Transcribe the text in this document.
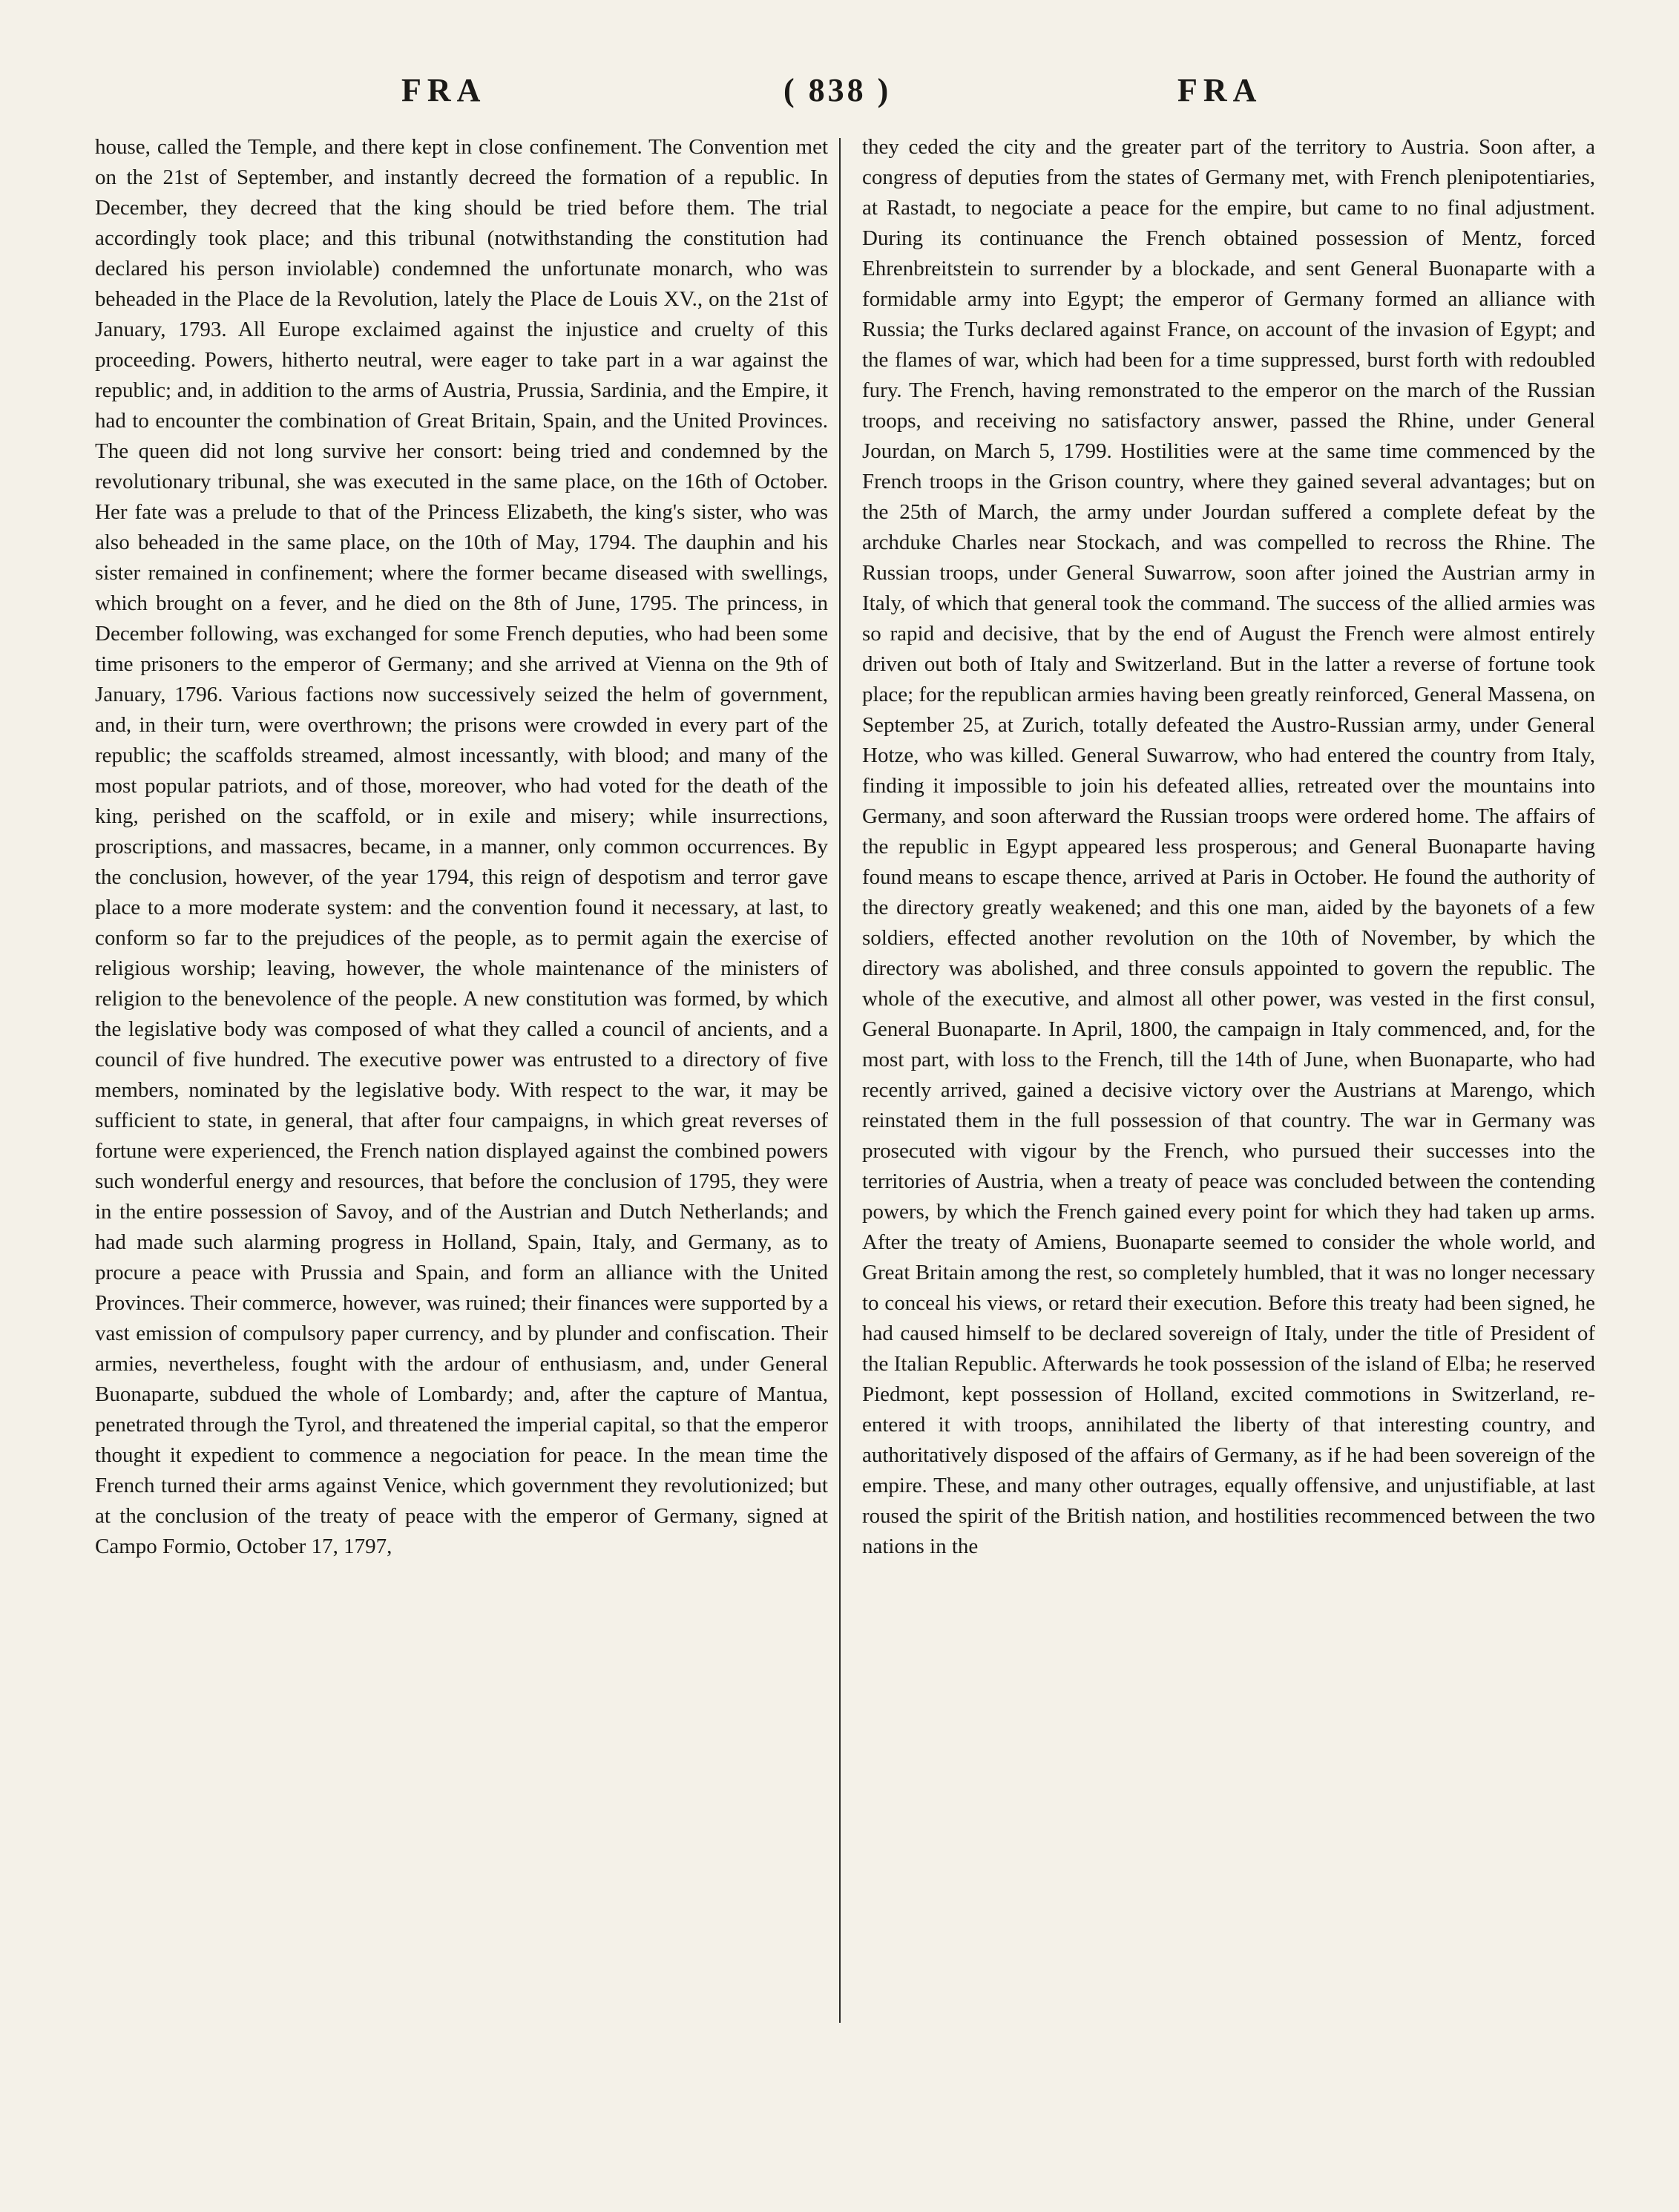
FRA	( 838 )	FRA
house, called the Temple, and there kept in close confinement. The Convention met on the 21st of September, and instantly decreed the formation of a republic. In December, they decreed that the king should be tried before them. The trial accordingly took place; and this tribunal (notwithstanding the constitution had declared his person inviolable) condemned the unfortunate monarch, who was beheaded in the Place de la Revolution, lately the Place de Louis XV., on the 21st of January, 1793. All Europe exclaimed against the injustice and cruelty of this proceeding. Powers, hitherto neutral, were eager to take part in a war against the republic; and, in addition to the arms of Austria, Prussia, Sardinia, and the Empire, it had to encounter the combination of Great Britain, Spain, and the United Provinces. The queen did not long survive her consort: being tried and condemned by the revolutionary tribunal, she was executed in the same place, on the 16th of October. Her fate was a prelude to that of the Princess Elizabeth, the king's sister, who was also beheaded in the same place, on the 10th of May, 1794. The dauphin and his sister remained in confinement; where the former became diseased with swellings, which brought on a fever, and he died on the 8th of June, 1795. The princess, in December following, was exchanged for some French deputies, who had been some time prisoners to the emperor of Germany; and she arrived at Vienna on the 9th of January, 1796. Various factions now successively seized the helm of government, and, in their turn, were overthrown; the prisons were crowded in every part of the republic; the scaffolds streamed, almost incessantly, with blood; and many of the most popular patriots, and of those, moreover, who had voted for the death of the king, perished on the scaffold, or in exile and misery; while insurrections, proscriptions, and massacres, became, in a manner, only common occurrences. By the conclusion, however, of the year 1794, this reign of despotism and terror gave place to a more moderate system: and the convention found it necessary, at last, to conform so far to the prejudices of the people, as to permit again the exercise of religious worship; leaving, however, the whole maintenance of the ministers of religion to the benevolence of the people. A new constitution was formed, by which the legislative body was composed of what they called a council of ancients, and a council of five hundred. The executive power was entrusted to a directory of five members, nominated by the legislative body. With respect to the war, it may be sufficient to state, in general, that after four campaigns, in which great reverses of fortune were experienced, the French nation displayed against the combined powers such wonderful energy and resources, that before the conclusion of 1795, they were in the entire possession of Savoy, and of the Austrian and Dutch Netherlands; and had made such alarming progress in Holland, Spain, Italy, and Germany, as to procure a peace with Prussia and Spain, and form an alliance with the United Provinces. Their commerce, however, was ruined; their finances were supported by a vast emission of compulsory paper currency, and by plunder and confiscation. Their armies, nevertheless, fought with the ardour of enthusiasm, and, under General Buonaparte, subdued the whole of Lombardy; and, after the capture of Mantua, penetrated through the Tyrol, and threatened the imperial capital, so that the emperor thought it expedient to commence a negociation for peace. In the mean time the French turned their arms against Venice, which government they revolutionized; but at the conclusion of the treaty of peace with the emperor of Germany, signed at Campo Formio, October 17, 1797,
they ceded the city and the greater part of the territory to Austria. Soon after, a congress of deputies from the states of Germany met, with French plenipotentiaries, at Rastadt, to negociate a peace for the empire, but came to no final adjustment. During its continuance the French obtained possession of Mentz, forced Ehrenbreitstein to surrender by a blockade, and sent General Buonaparte with a formidable army into Egypt; the emperor of Germany formed an alliance with Russia; the Turks declared against France, on account of the invasion of Egypt; and the flames of war, which had been for a time suppressed, burst forth with redoubled fury. The French, having remonstrated to the emperor on the march of the Russian troops, and receiving no satisfactory answer, passed the Rhine, under General Jourdan, on March 5, 1799. Hostilities were at the same time commenced by the French troops in the Grison country, where they gained several advantages; but on the 25th of March, the army under Jourdan suffered a complete defeat by the archduke Charles near Stockach, and was compelled to recross the Rhine. The Russian troops, under General Suwarrow, soon after joined the Austrian army in Italy, of which that general took the command. The success of the allied armies was so rapid and decisive, that by the end of August the French were almost entirely driven out both of Italy and Switzerland. But in the latter a reverse of fortune took place; for the republican armies having been greatly reinforced, General Massena, on September 25, at Zurich, totally defeated the Austro-Russian army, under General Hotze, who was killed. General Suwarrow, who had entered the country from Italy, finding it impossible to join his defeated allies, retreated over the mountains into Germany, and soon afterward the Russian troops were ordered home. The affairs of the republic in Egypt appeared less prosperous; and General Buonaparte having found means to escape thence, arrived at Paris in October. He found the authority of the directory greatly weakened; and this one man, aided by the bayonets of a few soldiers, effected another revolution on the 10th of November, by which the directory was abolished, and three consuls appointed to govern the republic. The whole of the executive, and almost all other power, was vested in the first consul, General Buonaparte. In April, 1800, the campaign in Italy commenced, and, for the most part, with loss to the French, till the 14th of June, when Buonaparte, who had recently arrived, gained a decisive victory over the Austrians at Marengo, which reinstated them in the full possession of that country. The war in Germany was prosecuted with vigour by the French, who pursued their successes into the territories of Austria, when a treaty of peace was concluded between the contending powers, by which the French gained every point for which they had taken up arms. After the treaty of Amiens, Buonaparte seemed to consider the whole world, and Great Britain among the rest, so completely humbled, that it was no longer necessary to conceal his views, or retard their execution. Before this treaty had been signed, he had caused himself to be declared sovereign of Italy, under the title of President of the Italian Republic. Afterwards he took possession of the island of Elba; he reserved Piedmont, kept possession of Holland, excited commotions in Switzerland, re-entered it with troops, annihilated the liberty of that interesting country, and authoritatively disposed of the affairs of Germany, as if he had been sovereign of the empire. These, and many other outrages, equally offensive, and unjustifiable, at last roused the spirit of the British nation, and hostilities recommenced between the two nations in the
